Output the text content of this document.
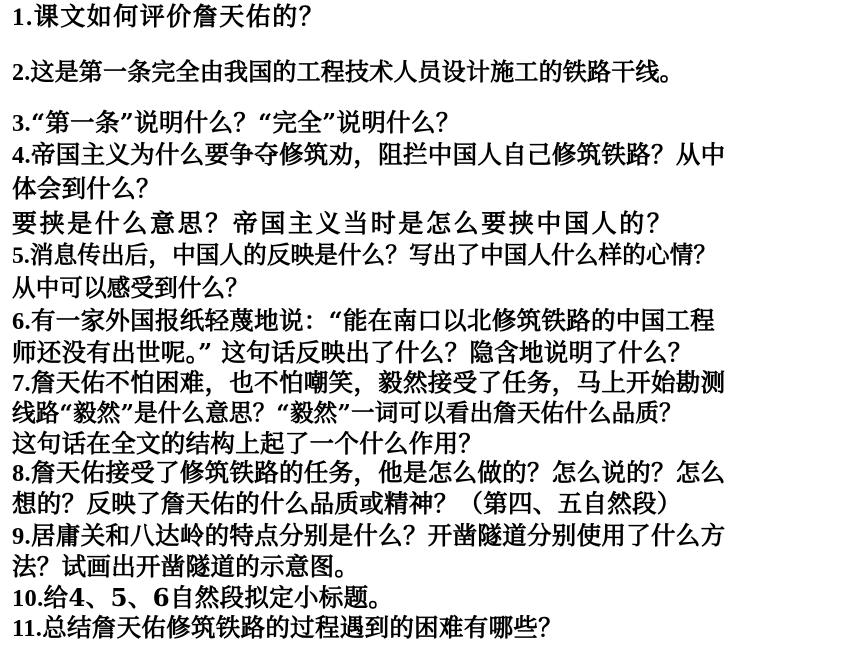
1.课文如何评价詹天佑的？

2.这是第一条完全由我国的工程技术人员设计施工的铁路干线。

3.“第一条”说明什么？“完全”说明什么？

4.帝国主义为什么要争夺修筑劝，阻拦中国人自己修筑铁路？从中

体会到什么？

要挟是什么意思？帝国主义当时是怎么要挟中国人的？

5.消息传出后，中国人的反映是什么？写出了中国人什么样的心情？

从中可以感受到什么？

6.有一家外国报纸轻蔑地说：“能在南口以北修筑铁路的中国工程

师还没有出世呢。” 这句话反映出了什么？隐含地说明了什么？

7.詹天佑不怕困难，也不怕嘲笑，毅然接受了任务，马上开始勘测

线路“毅然”是什么意思？“毅然”一词可以看出詹天佑什么品质？

这句话在全文的结构上起了一个什么作用？

8.詹天佑接受了修筑铁路的任务，他是怎么做的？怎么说的？怎么

想的？反映了詹天佑的什么品质或精神？（第四、五自然段）

9.居庸关和八达岭的特点分别是什么？开凿隧道分别使用了什么方

法？试画出开凿隧道的示意图。

10.给4、5、6自然段拟定小标题。

11.总结詹天佑修筑铁路的过程遇到的困难有哪些？
